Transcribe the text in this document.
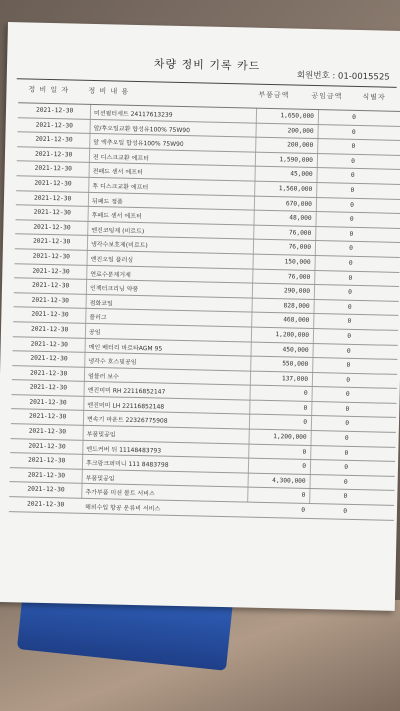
차량 정비 기록 카드
회원번호 : 01-0015525
정 비 일 자	정 비 내 용	부품금액	공임금액	식별자
2021-12-30	미션필터세트 24117613239	1,650,000	0
2021-12-30	앞/후오일교환 합성유100% 75W90	200,000	0
2021-12-30	앞 액추오일 합성유100% 75W90	200,000	0
2021-12-30	전 디스크교환 에프터	1,590,000	0
2021-12-30	전패드 센서 에프터	45,000	0
2021-12-30	후 디스크교환 에프터	1,560,000	0
2021-12-30	뒤패드 정품	670,000	0
2021-12-30	후패드 센서 에프터	48,000	0
2021-12-30	엔진코팅제 (비르트)	76,000	0
2021-12-30	냉각수보호제(비르트)	76,000	0
2021-12-30	엔진오일 플러싱	150,000	0
2021-12-30	연료수분제거제	76,000	0
2021-12-30	인젝터크리닝 약품	290,000	0
2021-12-30	점화코일	828,000	0
2021-12-30	플러그	468,000	0
2021-12-30	공임	1,200,000	0
2021-12-30	메인 배터리 바르타AGM 95	450,000	0
2021-12-30	냉각수 호스및공임	550,000	0
2021-12-30	엄블러 보수	137,000	0
2021-12-30	엔진미미 RH 22116852147	0	0
2021-12-30	엔진미미 LH 22116852148	0	0
2021-12-30	변속기 마운트 22326775908	0	0
2021-12-30	부품및공임	1,200,000	0
2021-12-30	엔드커버 뒤 11148483793	0	0
2021-12-30	후크랑크퍼미니 111 8483798	0	0
2021-12-30	부품및공임	4,300,000	0
2021-12-30	추가부품 미션 볼트 서비스	0	0
2021-12-30	해외수입 항공 운류비 서비스	0	0
